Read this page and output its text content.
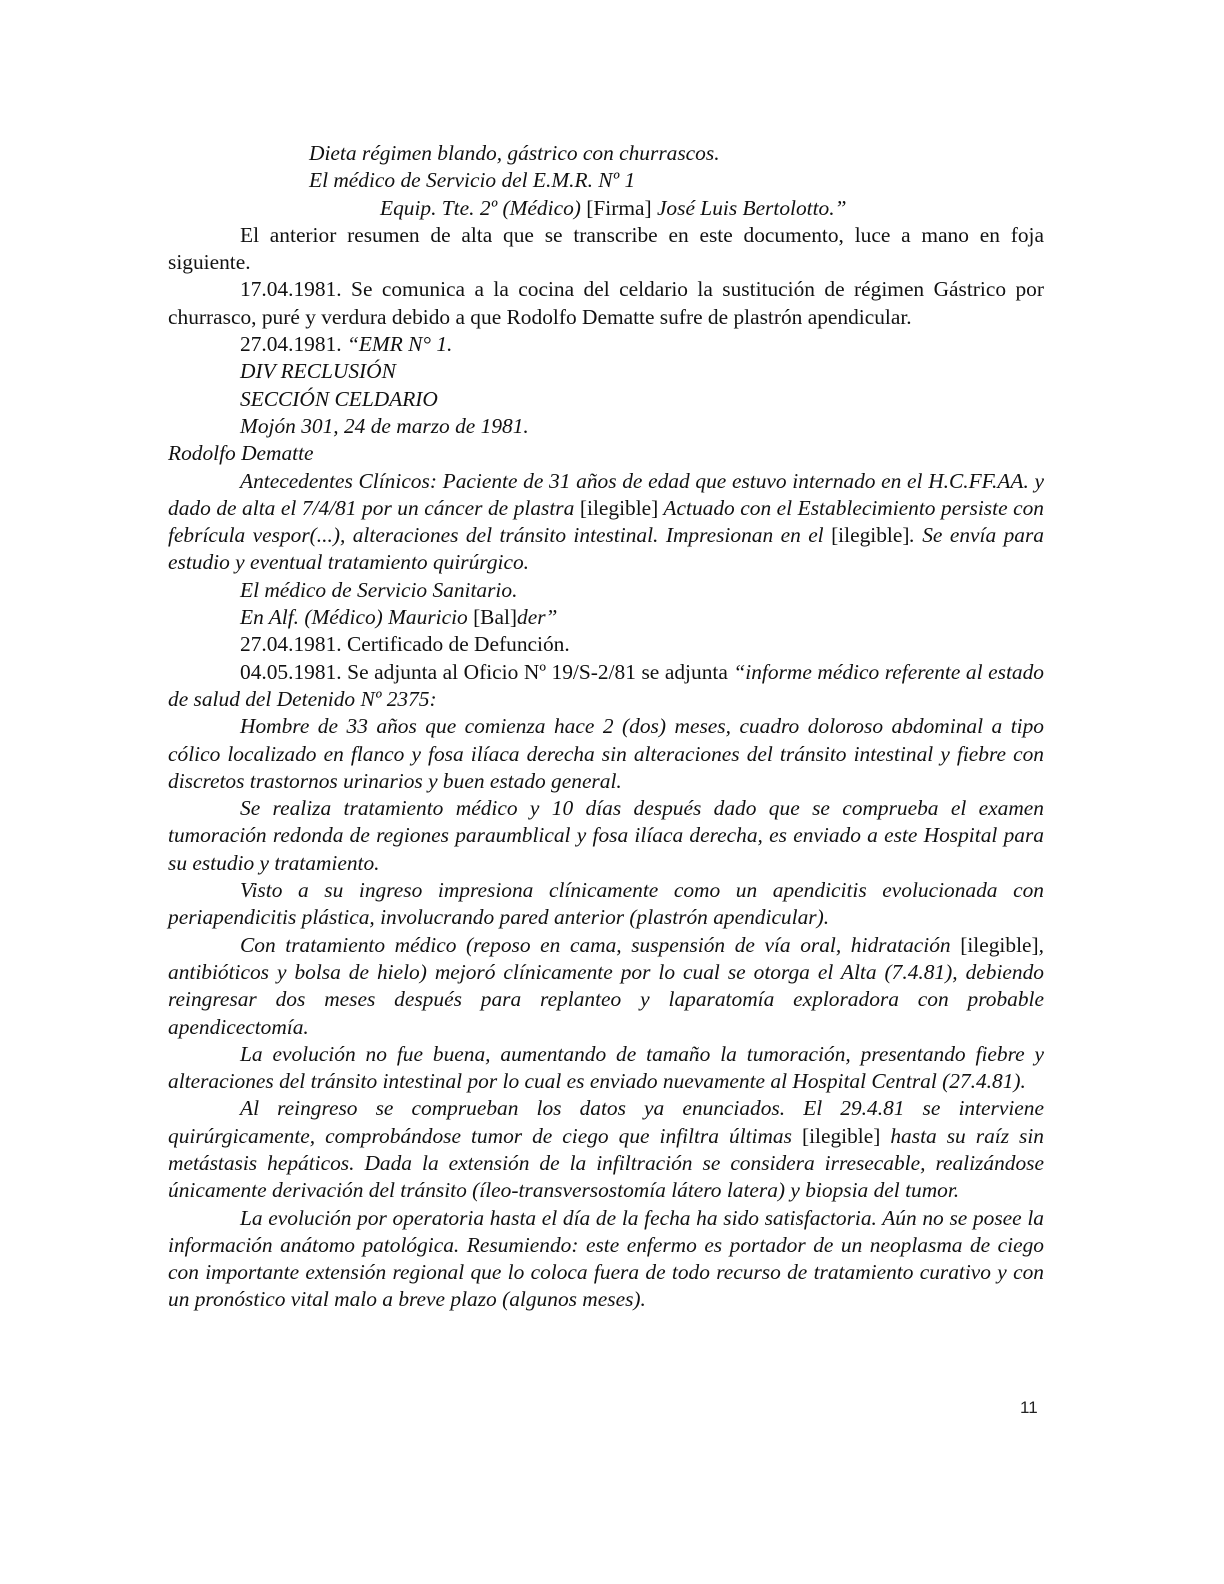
Dieta régimen blando, gástrico con churrascos.

El médico de Servicio del E.M.R. Nº 1

Equip. Tte. 2º (Médico) [Firma] José Luis Bertolotto.”

El anterior resumen de alta que se transcribe en este documento, luce a mano en foja siguiente.

17.04.1981. Se comunica a la cocina del celdario la sustitución de régimen Gástrico por churrasco, puré y verdura debido a que Rodolfo Dematte sufre de plastrón apendicular.

27.04.1981. “EMR N° 1.

DIV RECLUSIÓN

SECCIÓN CELDARIO

Mojón 301, 24 de marzo de 1981.

Rodolfo Dematte

Antecedentes Clínicos: Paciente de 31 años de edad que estuvo internado en el H.C.FF.AA. y dado de alta el 7/4/81 por un cáncer de plastra [ilegible] Actuado con el Establecimiento persiste con febrícula vespor(...), alteraciones del tránsito intestinal. Impresionan en el [ilegible]. Se envía para estudio y eventual tratamiento quirúrgico.

El médico de Servicio Sanitario.

En Alf. (Médico) Mauricio [Bal]der”

27.04.1981. Certificado de Defunción.

04.05.1981. Se adjunta al Oficio Nº 19/S-2/81 se adjunta “informe médico referente al estado de salud del Detenido Nº 2375:

Hombre de 33 años que comienza hace 2 (dos) meses, cuadro doloroso abdominal a tipo cólico localizado en flanco y fosa ilíaca derecha sin alteraciones del tránsito intestinal y fiebre con discretos trastornos urinarios y buen estado general.

Se realiza tratamiento médico y 10 días después dado que se comprueba el examen tumoración redonda de regiones paraumblical y fosa ilíaca derecha, es enviado a este Hospital para su estudio y tratamiento.

Visto a su ingreso impresiona clínicamente como un apendicitis evolucionada con periapendicitis plástica, involucrando pared anterior (plastrón apendicular).

Con tratamiento médico (reposo en cama, suspensión de vía oral, hidratación [ilegible], antibióticos y bolsa de hielo) mejoró clínicamente por lo cual se otorga el Alta (7.4.81), debiendo reingresar dos meses después para replanteo y laparatomía exploradora con probable apendicectomía.

La evolución no fue buena, aumentando de tamaño la tumoración, presentando fiebre y alteraciones del tránsito intestinal por lo cual es enviado nuevamente al Hospital Central (27.4.81).

Al reingreso se comprueban los datos ya enunciados. El 29.4.81 se interviene quirúrgicamente, comprobándose tumor de ciego que infiltra últimas [ilegible] hasta su raíz sin metástasis hepáticos. Dada la extensión de la infiltración se considera irresecable, realizándose únicamente derivación del tránsito (íleo-transversostomía látero latera) y biopsia del tumor.

La evolución por operatoria hasta el día de la fecha ha sido satisfactoria. Aún no se posee la información anátomo patológica. Resumiendo: este enfermo es portador de un neoplasma de ciego con importante extensión regional que lo coloca fuera de todo recurso de tratamiento curativo y con un pronóstico vital malo a breve plazo (algunos meses).

11
